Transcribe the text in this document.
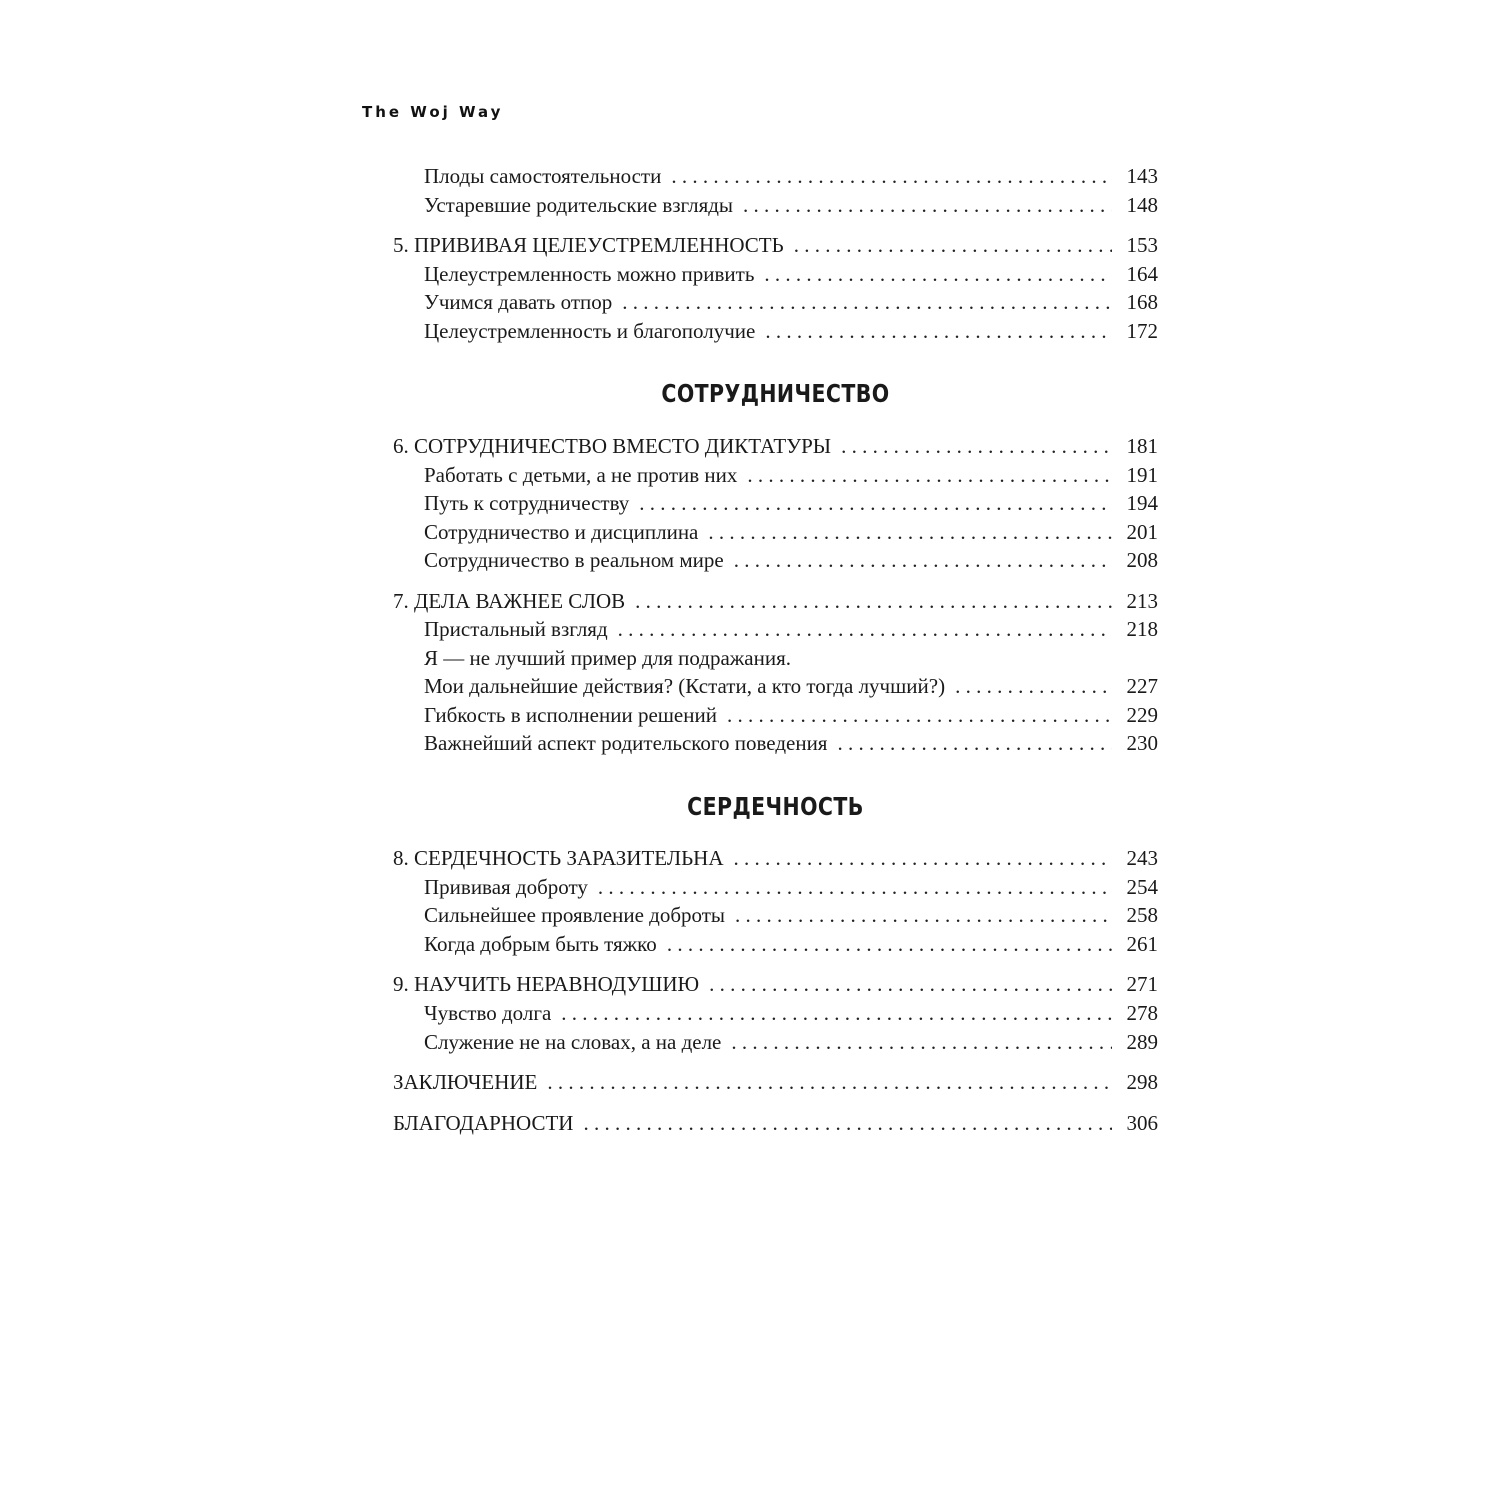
The Woj Way
Плоды самостоятельности . . .	143
Устаревшие родительские взгляды . . .	148
5. ПРИВИВАЯ ЦЕЛЕУСТРЕМЛЕННОСТЬ . . .	153
Целеустремленность можно привить . . .	164
Учимся давать отпор . . .	168
Целеустремленность и благополучие . . .	172
СОТРУДНИЧЕСТВО
6. СОТРУДНИЧЕСТВО ВМЕСТО ДИКТАТУРЫ . . .	181
Работать с детьми, а не против них . . .	191
Путь к сотрудничеству . . .	194
Сотрудничество и дисциплина . . .	201
Сотрудничество в реальном мире . . .	208
7. ДЕЛА ВАЖНЕЕ СЛОВ . . .	213
Пристальный взгляд . . .	218
Я — не лучший пример для подражания.
Мои дальнейшие действия? (Кстати, а кто тогда лучший?) . . .	227
Гибкость в исполнении решений . . .	229
Важнейший аспект родительского поведения . . .	230
СЕРДЕЧНОСТЬ
8. СЕРДЕЧНОСТЬ ЗАРАЗИТЕЛЬНА . . .	243
Прививая доброту . . .	254
Сильнейшее проявление доброты . . .	258
Когда добрым быть тяжко . . .	261
9. НАУЧИТЬ НЕРАВНОДУШИЮ . . .	271
Чувство долга . . .	278
Служение не на словах, а на деле . . .	289
ЗАКЛЮЧЕНИЕ . . .	298
БЛАГОДАРНОСТИ . . .	306
